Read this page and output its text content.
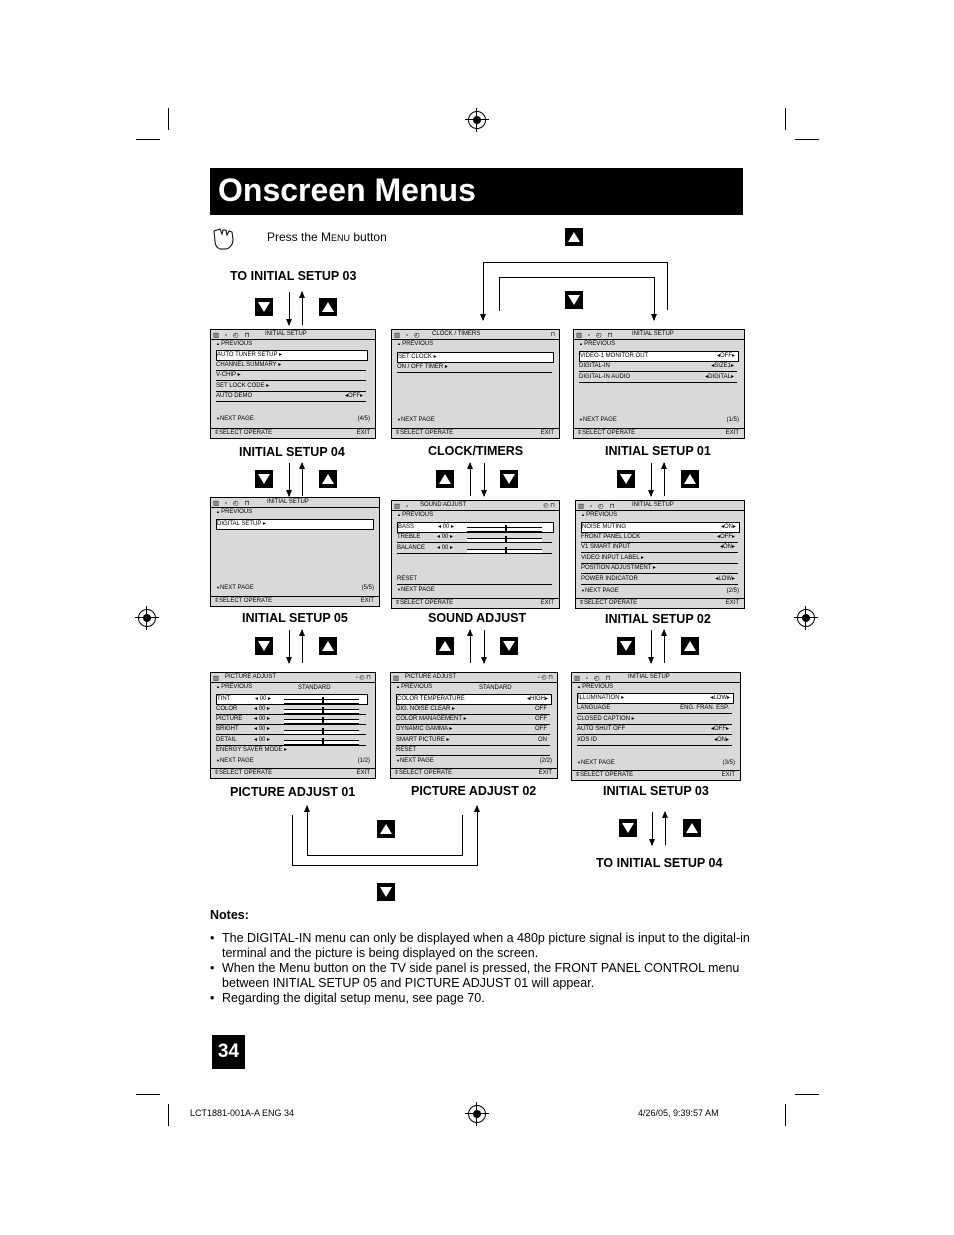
Onscreen Menus
Press the MENU button
TO INITIAL SETUP 03
▥ ▫ ◴ ⊓ INITIAL SETUP
▲ PREVIOUS
AUTO TUNER SETUP ▸
CHANNEL SUMMARY ▸
V-CHIP ▸
SET LOCK CODE ▸
AUTO DEMO	◂OFF▸
▼ NEXT PAGE	(4/5)
⇕SELECT OPERATE	EXIT
▥ ▫ ◴ CLOCK / TIMERS	⊓
▲ PREVIOUS
SET CLOCK ▸
ON / OFF TIMER ▸
▼ NEXT PAGE
⇕SELECT OPERATE	EXIT
▥ ▫ ◴ ⊓	INITIAL SETUP
▲ PREVIOUS
VIDEO-1 MONITOR OUT	◂OFF▸
DIGITAL-IN	◂SIZE1▸
DIGITAL-IN AUDIO	◂DIGITAL▸
▼ NEXT PAGE	(1/5)
⇕SELECT OPERATE	EXIT
INITIAL SETUP 04	CLOCK/TIMERS	INITIAL SETUP 01
▥ ▫ ◴ ⊓	INITIAL SETUP
▲ PREVIOUS
DIGITAL SETUP ▸
▼ NEXT PAGE	(5/5)
⇕SELECT OPERATE	EXIT
▥ ▫ SOUND ADJUST	◴ ⊓
▲ PREVIOUS
BASS	◂ 00 ▸
TREBLE	◂ 00 ▸
BALANCE ◂ 00 ▸
RESET
▼ NEXT PAGE
⇕SELECT OPERATE	EXIT
▥ ▫ ◴ ⊓	INITIAL SETUP
▲ PREVIOUS
NOISE MUTING	◂ON▸
FRONT PANEL LOCK	◂OFF▸
V1 SMART INPUT	◂ON▸
VIDEO INPUT LABEL ▸
POSITION ADJUSTMENT ▸
POWER INDICATOR	◂LOW▸
▼ NEXT PAGE	(2/5)
⇕SELECT OPERATE	EXIT
INITIAL SETUP 05	SOUND ADJUST	INITIAL SETUP 02
▥ PICTURE ADJUST	▫ ◴ ⊓
▲ PREVIOUS	STANDARD
TINT	◂ 00 ▸
COLOR	◂ 00 ▸
PICTURE ◂ 00 ▸
BRIGHT	◂ 00 ▸
DETAIL	◂ 00 ▸
ENERGY SAVER MODE ▸
▼ NEXT PAGE	(1/2)
⇕SELECT OPERATE	EXIT
▥ PICTURE ADJUST	▫ ◴ ⊓
▲ PREVIOUS	STANDARD
COLOR TEMPERATURE	◂HIGH▸
DIG. NOISE CLEAR ▸	OFF
COLOR MANAGEMENT ▸	OFF
DYNAMIC GAMMA ▸	OFF
SMART PICTURE ▸	ON
RESET
▼ NEXT PAGE	(2/2)
⇕SELECT OPERATE	EXIT
▥ ▫ ◴ ⊓	INITIAL SETUP
▲ PREVIOUS
ILLUMINATION ▸	◂LOW▸
LANGUAGE	ENG. FRAN. ESP.
CLOSED CAPTION ▸
AUTO SHUT OFF	◂OFF▸
XDS ID	◂ON▸
▼ NEXT PAGE	(3/5)
⇕SELECT OPERATE	EXIT
PICTURE ADJUST 01	PICTURE ADJUST 02	INITIAL SETUP 03
TO INITIAL SETUP 04
Notes:
• The DIGITAL-IN menu can only be displayed when a 480p picture signal is input to the digital-in terminal and the picture is being displayed on the screen.
• When the Menu button on the TV side panel is pressed, the FRONT PANEL CONTROL menu between INITIAL SETUP 05 and PICTURE ADJUST 01 will appear.
• Regarding the digital setup menu, see page 70.
34
LCT1881-001A-A ENG 34	4/26/05, 9:39:57 AM
